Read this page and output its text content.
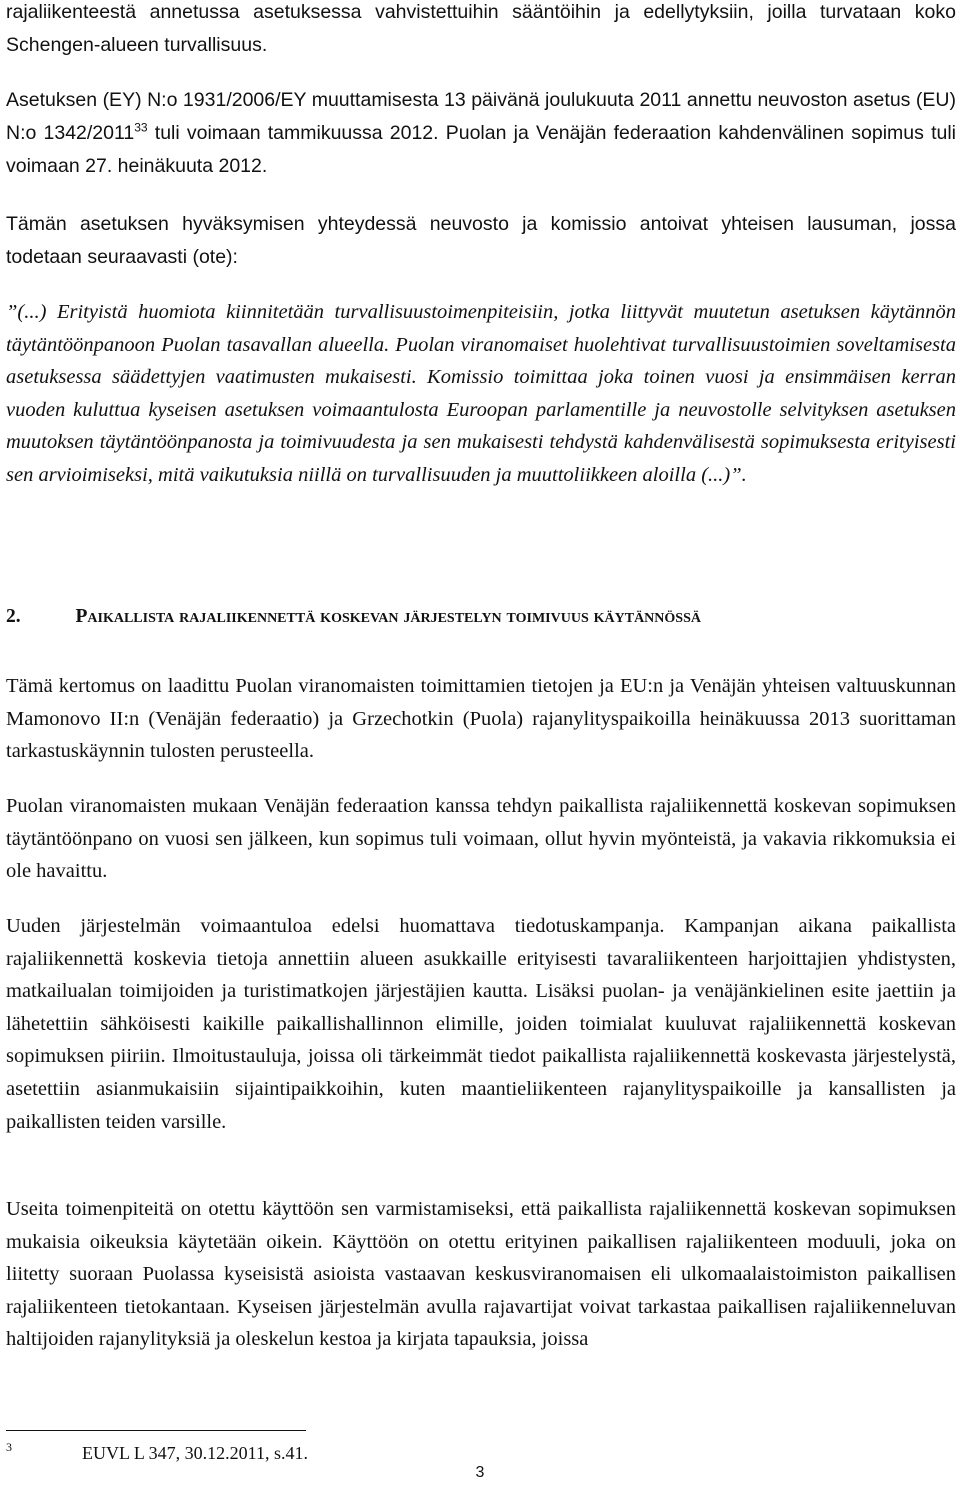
rajaliikenteestä annetussa asetuksessa vahvistettuihin sääntöihin ja edellytyksiin, joilla turvataan koko Schengen-alueen turvallisuus.

Asetuksen (EY) N:o 1931/2006/EY muuttamisesta 13 päivänä joulukuuta 2011 annettu neuvoston asetus (EU) N:o 1342/2011$^{33}$ tuli voimaan tammikuussa 2012. Puolan ja Venäjän federaation kahdenvälinen sopimus tuli voimaan 27. heinäkuuta 2012.

Tämän asetuksen hyväksymisen yhteydessä neuvosto ja komissio antoivat yhteisen lausuman, jossa todetaan seuraavasti (ote):

”(...) Erityistä huomiota kiinnitetään turvallisuustoimenpiteisiin, jotka liittyvät muutetun asetuksen käytännön täytäntöönpanoon Puolan tasavallan alueella. Puolan viranomaiset huolehtivat turvallisuustoimien soveltamisesta asetuksessa säädettyjen vaatimusten mukaisesti. Komissio toimittaa joka toinen vuosi ja ensimmäisen kerran vuoden kuluttua kyseisen asetuksen voimaantulosta Euroopan parlamentille ja neuvostolle selvityksen asetuksen muutoksen täytäntöönpanosta ja toimivuudesta ja sen mukaisesti tehdystä kahdenvälisestä sopimuksesta erityisesti sen arvioimiseksi, mitä vaikutuksia niillä on turvallisuuden ja muuttoliikkeen aloilla (...)”.

2.	Paikallista rajaliikennettä koskevan järjestelyn toimivuus käytännössä

Tämä kertomus on laadittu Puolan viranomaisten toimittamien tietojen ja EU:n ja Venäjän yhteisen valtuuskunnan Mamonovo II:n (Venäjän federaatio) ja Grzechotkin (Puola) rajanylityspaikoilla heinäkuussa 2013 suorittaman tarkastuskäynnin tulosten perusteella.

Puolan viranomaisten mukaan Venäjän federaation kanssa tehdyn paikallista rajaliikennettä koskevan sopimuksen täytäntöönpano on vuosi sen jälkeen, kun sopimus tuli voimaan, ollut hyvin myönteistä, ja vakavia rikkomuksia ei ole havaittu.

Uuden järjestelmän voimaantuloa edelsi huomattava tiedotuskampanja. Kampanjan aikana paikallista rajaliikennettä koskevia tietoja annettiin alueen asukkaille erityisesti tavaraliikenteen harjoittajien yhdistysten, matkailualan toimijoiden ja turistimatkojen järjestäjien kautta. Lisäksi puolan- ja venäjänkielinen esite jaettiin ja lähetettiin sähköisesti kaikille paikallishallinnon elimille, joiden toimialat kuuluvat rajaliikennettä koskevan sopimuksen piiriin. Ilmoitustauluja, joissa oli tärkeimmät tiedot paikallista rajaliikennettä koskevasta järjestelystä, asetettiin asianmukaisiin sijaintipaikkoihin, kuten maantieliikenteen rajanylityspaikoille ja kansallisten ja paikallisten teiden varsille.

Useita toimenpiteitä on otettu käyttöön sen varmistamiseksi, että paikallista rajaliikennettä koskevan sopimuksen mukaisia oikeuksia käytetään oikein. Käyttöön on otettu erityinen paikallisen rajaliikenteen moduuli, joka on liitetty suoraan Puolassa kyseisistä asioista vastaavan keskusviranomaisen eli ulkomaalaistoimiston paikallisen rajaliikenteen tietokantaan. Kyseisen järjestelmän avulla rajavartijat voivat tarkastaa paikallisen rajaliikenneluvan haltijoiden rajanylityksiä ja oleskelun kestoa ja kirjata tapauksia, joissa

3	EUVL L 347, 30.12.2011, s.41.
3
